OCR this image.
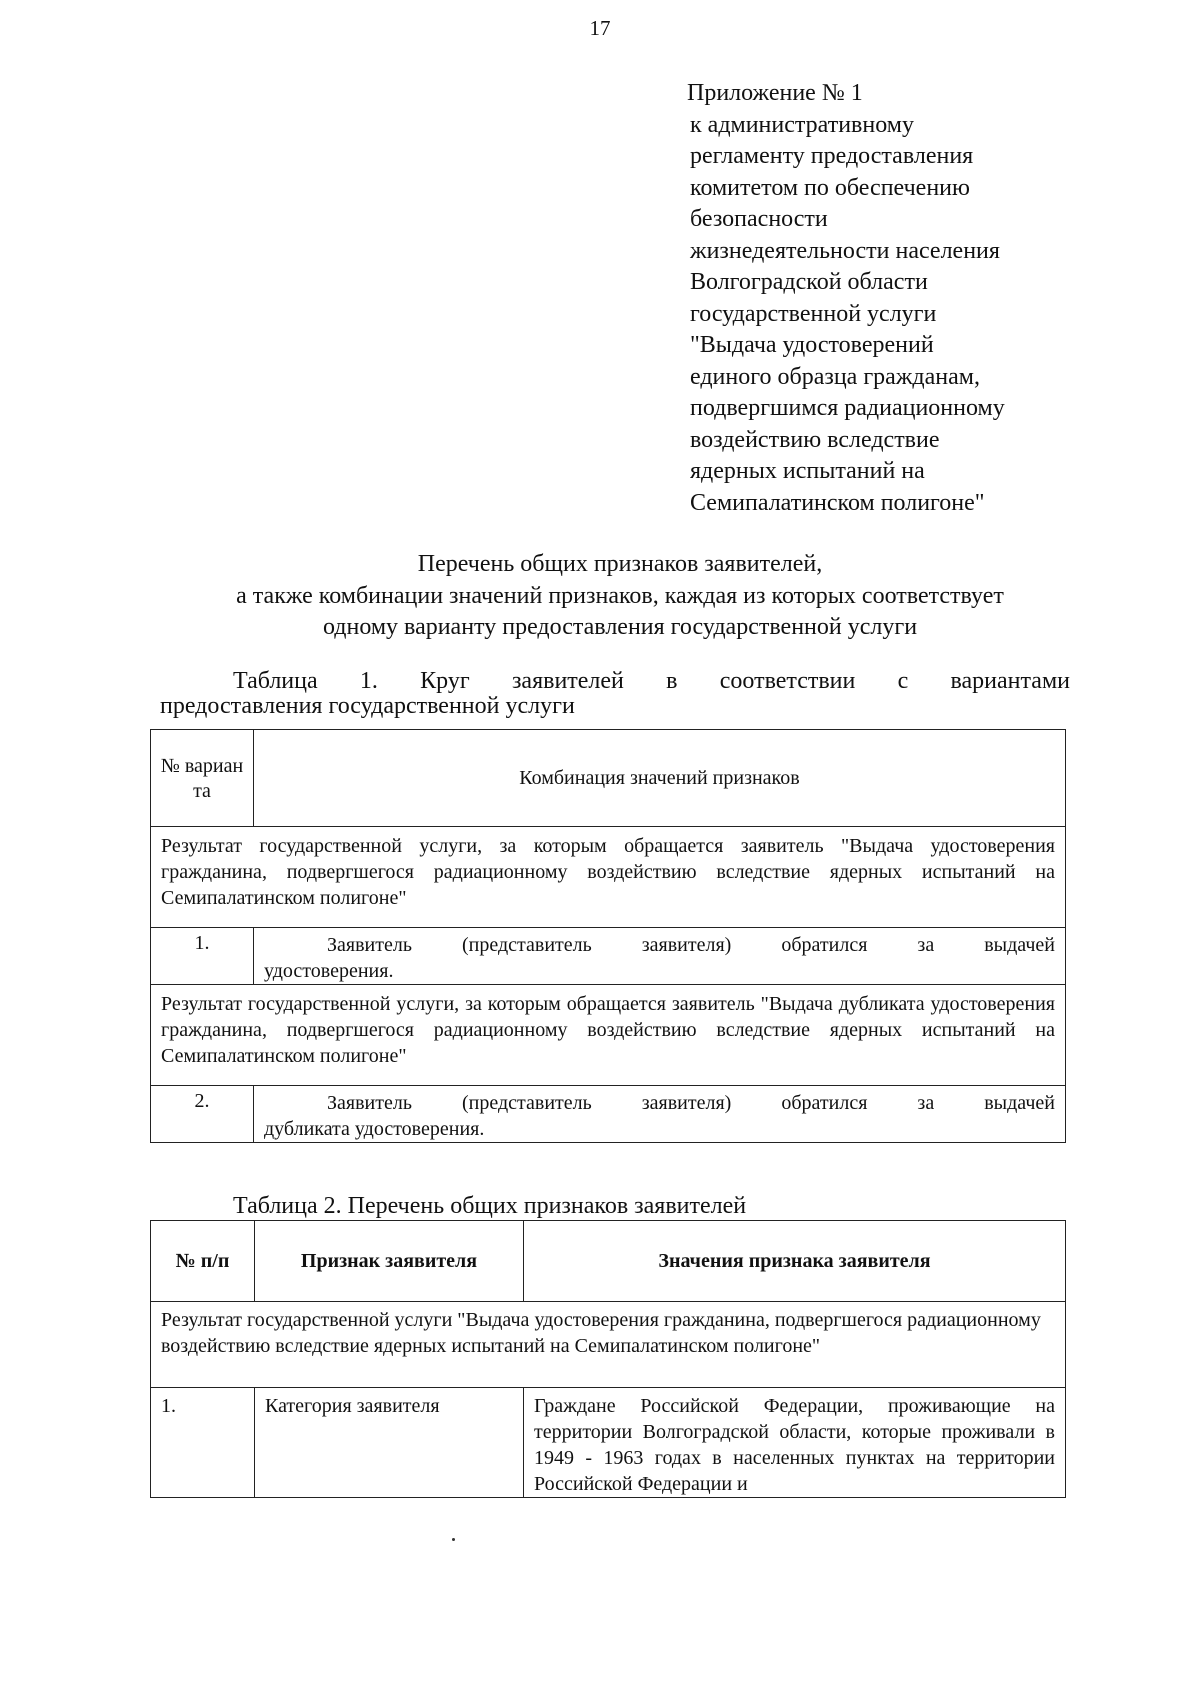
17
Приложение № 1
к административному
регламенту предоставления
комитетом по обеспечению
безопасности
жизнедеятельности населения
Волгоградской области
государственной услуги
"Выдача удостоверений
единого образца гражданам,
подвергшимся радиационному
воздействию вследствие
ядерных испытаний на
Семипалатинском полигоне"
Перечень общих признаков заявителей,
а также комбинации значений признаков, каждая из которых соответствует
одному варианту предоставления государственной услуги
Таблица 1. Круг заявителей в соответствии с вариантами
предоставления государственной услуги
№ вариан та	Комбинация значений признаков
Результат государственной услуги, за которым обращается заявитель "Выдача удостоверения гражданина, подвергшегося радиационному воздействию вследствие ядерных испытаний на Семипалатинском полигоне"	
1.	Заявитель (представитель заявителя) обратился за выдачей
удостоверения.
Результат государственной услуги, за которым обращается заявитель "Выдача дубликата удостоверения гражданина, подвергшегося радиационному воздействию вследствие ядерных испытаний на Семипалатинском полигоне"	
2.	Заявитель (представитель заявителя) обратился за выдачей
дубликата удостоверения.
Таблица 2. Перечень общих признаков заявителей
№ п/п	Признак заявителя	Значения признака заявителя
Результат государственной услуги "Выдача удостоверения гражданина, подвергшегося радиационному воздействию вследствие ядерных испытаний на Семипалатинском полигоне"		
1.	Категория заявителя	Граждане Российской Федерации, проживающие на территории Волгоградской области, которые проживали в 1949 - 1963 годах в населенных пунктах на территории Российской Федерации и
